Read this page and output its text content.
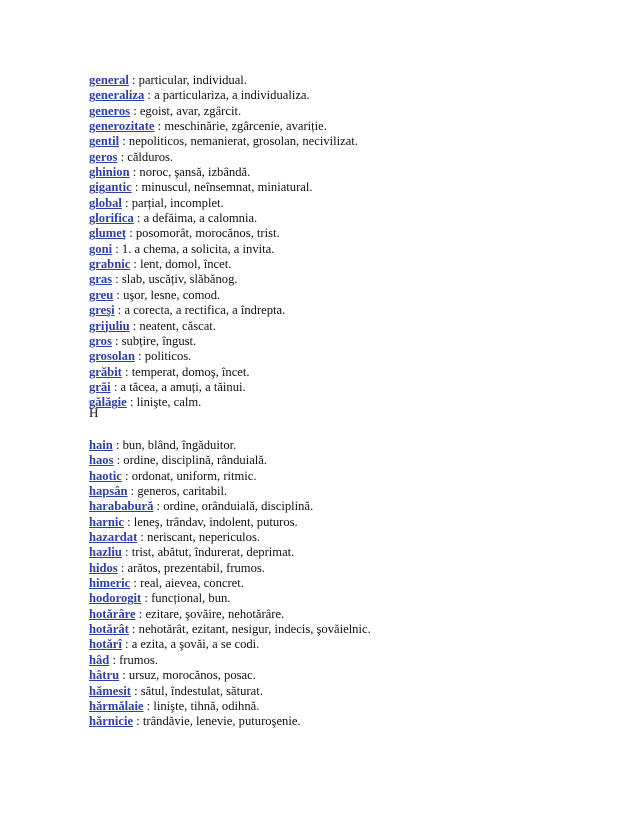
general : particular, individual.
generaliza : a particulariza, a individualiza.
generos : egoist, avar, zgârcit.
generozitate : meschinărie, zgârcenie, avariție.
gentil : nepoliticos, nemanierat, grosolan, necivilizat.
geros : călduros.
ghinion : noroc, şansă, izbândă.
gigantic : minuscul, neînsemnat, miniatural.
global : parțial, incomplet.
glorifica : a defăima, a calomnia.
glumeț : posomorât, morocănos, trist.
goni : 1. a chema, a solicita, a invita.
grabnic : lent, domol, încet.
gras : slab, uscățiv, slăbănog.
greu : uşor, lesne, comod.
greşi : a corecta, a rectifica, a îndrepta.
grijuliu : neatent, căscat.
gros : subțire, îngust.
grosolan : politicos.
grăbit : temperat, domoş, încet.
grăi : a tăcea, a amuți, a tăinui.
gălăgie : linişte, calm.
H
hain : bun, blând, îngăduitor.
haos : ordine, disciplină, rânduială.
haotic : ordonat, uniform, ritmic.
hapsân : generos, caritabil.
harababură : ordine, orânduială, disciplină.
harnic : leneş, trândav, indolent, puturos.
hazardat : neriscant, nepericulos.
hazliu : trist, abătut, îndurerat, deprimat.
hidos : arătos, prezentabil, frumos.
himeric : real, aievea, concret.
hodorogit : funcțional, bun.
hotărâre : ezitare, şovăire, nehotărâre.
hotărât : nehotărât, ezitant, nesigur, indecis, şovăielnic.
hotărî : a ezita, a şovăi, a se codi.
hâd : frumos.
hâtru : ursuz, morocănos, posac.
hămesit : sătul, îndestulat, săturat.
hărmălaie : linişte, tihnă, odihnă.
hărnicie : trândăvie, lenevie, puturoşenie.
